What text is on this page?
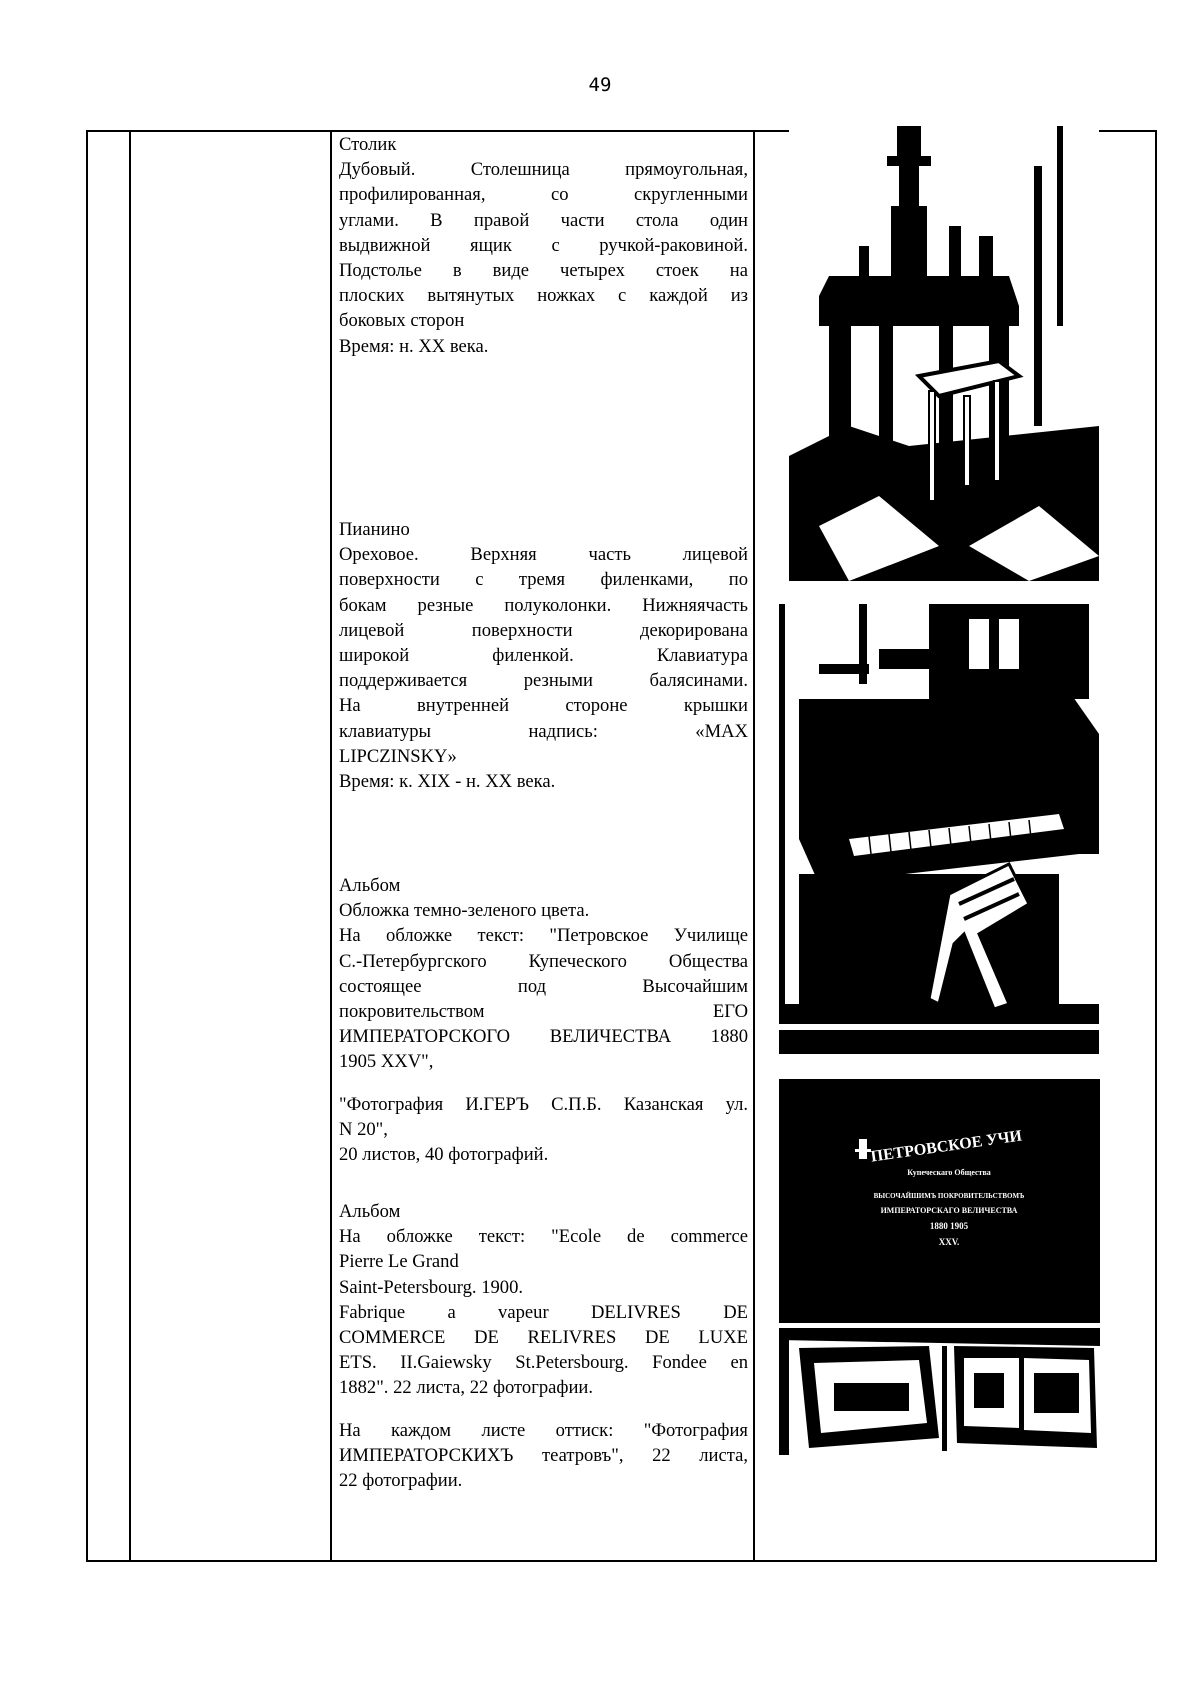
49

Столик

Дубовый. Столешница прямоугольная,

профилированная, со скругленными

углами. В правой части стола один

выдвижной ящик с ручкой-раковиной.

Подстолье в виде четырех стоек на

плоских вытянутых ножках с каждой из

боковых сторон

Время: н. XX века.

Пианино

Ореховое. Верхняя часть лицевой

поверхности с тремя филенками, по

бокам резные полуколонки. Нижняячасть

лицевой поверхности декорирована

широкой филенкой. Клавиатура

поддерживается резными балясинами.

На внутренней стороне крышки

клавиатуры надпись: «MAX

LIPCZINSKY»

Время: к. XIX - н. XX века.

Альбом

Обложка темно-зеленого цвета.

На обложке текст: "Петровское Училище

С.-Петербургского Купеческого Общества

состоящее под Высочайшим

покровительством ЕГО

ИМПЕРАТОРСКОГО ВЕЛИЧЕСТВА 1880

1905 XXV",

"Фотография И.ГЕРЪ С.П.Б. Казанская ул.

N 20",

20 листов, 40 фотографий.

Альбом

На обложке текст: "Ecole de commerce

Pierre Le Grand

Saint-Petersbourg. 1900.

Fabrique a vapeur DELIVRES DE

COMMERCE DE RELIVRES DE LUXE

ETS. II.Gaiewsky St.Petersbourg. Fondee en

1882". 22 листа, 22 фотографии.

На каждом листе оттиск: "Фотография

ИМПЕРАТОРСКИХЪ театровъ", 22 листа,

22 фотографии.

ПЕТРОВСКОЕ УЧИ
Купеческаго Общества
ВЫСОЧАЙШИМЪ ПОКРОВИТЕЛЬСТВОМЪ
ИМПЕРАТОРСКАГО ВЕЛИЧЕСТВА
1880 1905
XXV.
